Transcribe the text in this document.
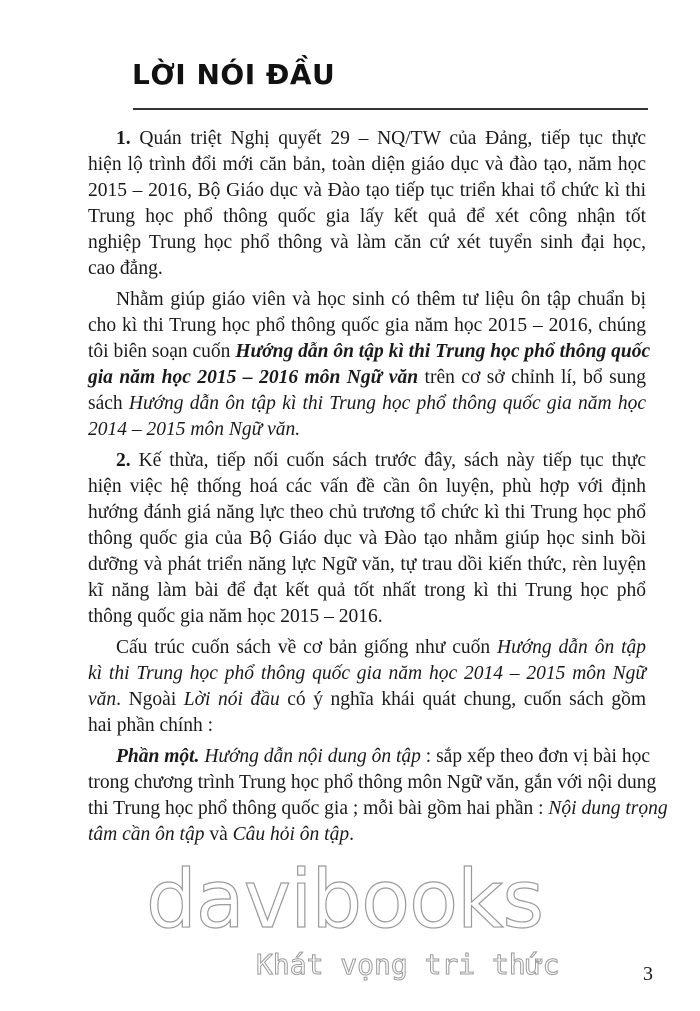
LỜI NÓI ĐẦU
1. Quán triệt Nghị quyết 29 – NQ/TW của Đảng, tiếp tục thực
hiện lộ trình đổi mới căn bản, toàn diện giáo dục và đào tạo, năm học
2015 – 2016, Bộ Giáo dục và Đào tạo tiếp tục triển khai tổ chức kì thi
Trung học phổ thông quốc gia lấy kết quả để xét công nhận tốt
nghiệp Trung học phổ thông và làm căn cứ xét tuyển sinh đại học,
cao đẳng.
Nhằm giúp giáo viên và học sinh có thêm tư liệu ôn tập chuẩn bị
cho kì thi Trung học phổ thông quốc gia năm học 2015 – 2016, chúng
tôi biên soạn cuốn Hướng dẫn ôn tập kì thi Trung học phổ thông quốc
gia năm học 2015 – 2016 môn Ngữ văn trên cơ sở chỉnh lí, bổ sung
sách Hướng dẫn ôn tập kì thi Trung học phổ thông quốc gia năm học
2014 – 2015 môn Ngữ văn.
2. Kế thừa, tiếp nối cuốn sách trước đây, sách này tiếp tục thực
hiện việc hệ thống hoá các vấn đề cần ôn luyện, phù hợp với định
hướng đánh giá năng lực theo chủ trương tổ chức kì thi Trung học phổ
thông quốc gia của Bộ Giáo dục và Đào tạo nhằm giúp học sinh bồi
dưỡng và phát triển năng lực Ngữ văn, tự trau dồi kiến thức, rèn luyện
kĩ năng làm bài để đạt kết quả tốt nhất trong kì thi Trung học phổ
thông quốc gia năm học 2015 – 2016.
Cấu trúc cuốn sách về cơ bản giống như cuốn Hướng dẫn ôn tập
kì thi Trung học phổ thông quốc gia năm học 2014 – 2015 môn Ngữ
văn. Ngoài Lời nói đầu có ý nghĩa khái quát chung, cuốn sách gồm
hai phần chính :
Phần một. Hướng dẫn nội dung ôn tập : sắp xếp theo đơn vị bài học
trong chương trình Trung học phổ thông môn Ngữ văn, gắn với nội dung
thi Trung học phổ thông quốc gia ; mỗi bài gồm hai phần : Nội dung trọng
tâm cần ôn tập và Câu hỏi ôn tập.
davibooks
Khát vọng tri thức	3
